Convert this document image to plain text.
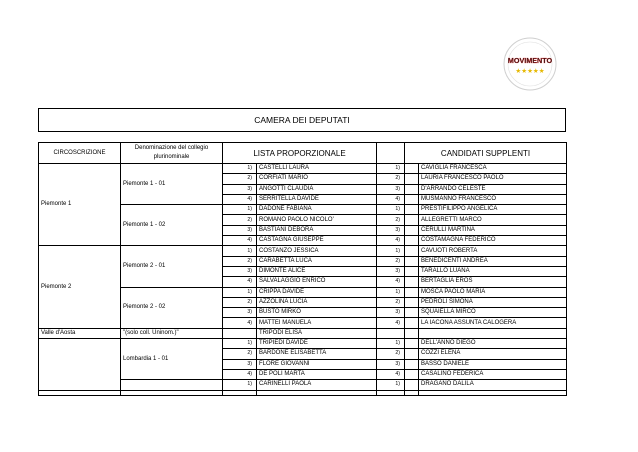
MOVIMENTO
★★★★★
CAMERA DEI DEPUTATI
CIRCOSCRIZIONE	Denominazione del collegio plurinominale	LISTA PROPORZIONALE			CANDIDATI SUPPLENTI	
Piemonte 1	Piemonte 1 - 01	1)	CASTELLI LAURA	1)		CAVIGLIA FRANCESCA
		2)	CORFIATI MARIO	2)		LAURIA FRANCESCO PAOLO
		3)	ANGOTTI CLAUDIA	3)		D'ARRANDO CELESTE
		4)	SERRITELLA DAVIDE	4)		MUSMANNO FRANCESCO
	Piemonte 1 - 02	1)	DADONE FABIANA	1)		PRESTIFILIPPO ANGELICA
		2)	ROMANO PAOLO NICOLO'	2)		ALLEGRETTI MARCO
		3)	BASTIANI DEBORA	3)		CERULLI MARTINA
		4)	CASTAGNA GIUSEPPE	4)		COSTAMAGNA FEDERICO
Piemonte 2	Piemonte 2 - 01	1)	COSTANZO JESSICA	1)		CAVUOTI ROBERTA
		2)	CARABETTA LUCA	2)		BENEDICENTI ANDREA
		3)	DIMONTE ALICE	3)		TARALLO LUANA
		4)	SALVALAGGIO ENRICO	4)		BERTAGLIA EROS
	Piemonte 2 - 02	1)	CRIPPA DAVIDE	1)		MOSCA PAOLO MARIA
		2)	AZZOLINA LUCIA	2)		PEDROLI SIMONA
		3)	BUSTO MIRKO	3)		SQUAIELLA MIRCO
		4)	MATTEI MANUELA	4)		LA IACONA ASSUNTA CALOGERA
Valle d'Aosta	"(solo coll. Uninom.)"		TRIPODI ELISA			
	Lombardia 1 - 01	1)	TRIPIEDI DAVIDE	1)		DELL'ANNO DIEGO
		2)	BARDONE ELISABETTA	2)		COZZI ELENA
		3)	FLORE GIOVANNI	3)		BASSO DANIELE
		4)	DE POLI MARTA	4)		CASALINO FEDERICA
		1)	CARINELLI PAOLA	1)		DRAGANO DALILA
